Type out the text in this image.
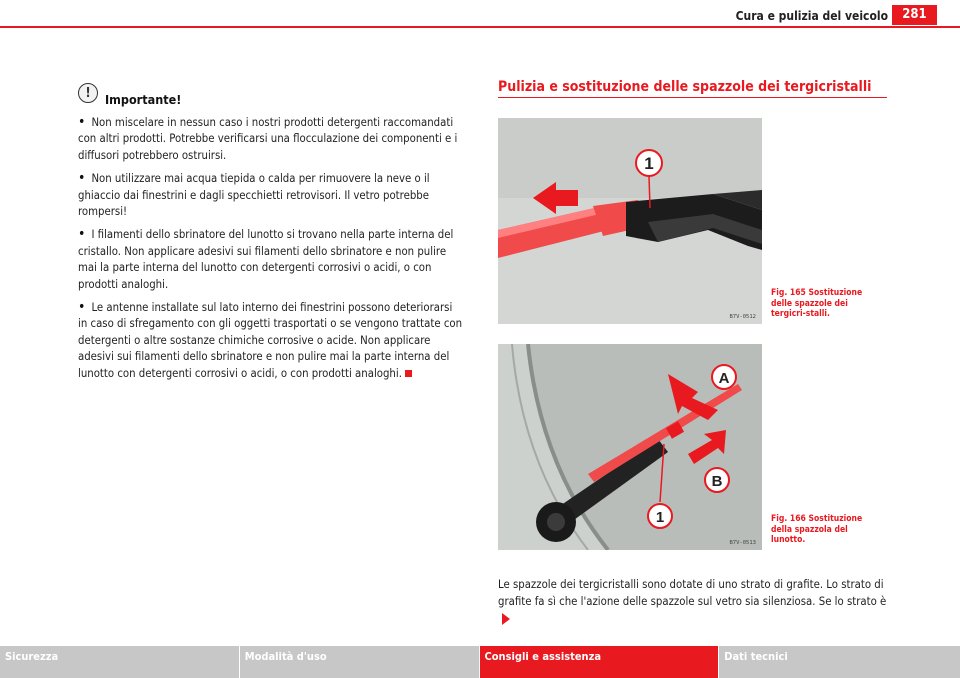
Cura e pulizia del veicolo	281
!	Importante!

• Non miscelare in nessun caso i nostri prodotti detergenti raccomandati con altri prodotti. Potrebbe verificarsi una flocculazione dei componenti e i diffusori potrebbero ostruirsi.

• Non utilizzare mai acqua tiepida o calda per rimuovere la neve o il ghiaccio dai finestrini e dagli specchietti retrovisori. Il vetro potrebbe rompersi!

• I filamenti dello sbrinatore del lunotto si trovano nella parte interna del cristallo. Non applicare adesivi sui filamenti dello sbrinatore e non pulire mai la parte interna del lunotto con detergenti corrosivi o acidi, o con prodotti analoghi.

• Le antenne installate sul lato interno dei finestrini possono deteriorarsi in caso di sfregamento con gli oggetti trasportati o se vengono trattate con detergenti o altre sostanze chimiche corrosive o acide. Non applicare adesivi sui filamenti dello sbrinatore e non pulire mai la parte interna del lunotto con detergenti corrosivi o acidi, o con prodotti analoghi.

Pulizia e sostituzione delle spazzole dei tergicristalli
1
B7V-0512
Fig. 165 Sostituzione delle spazzole dei tergicri-stalli.
A
B
1
B7V-0513
Fig. 166 Sostituzione della spazzola del lunotto.
Le spazzole dei tergicristalli sono dotate di uno strato di grafite. Lo strato di grafite fa sì che l'azione delle spazzole sul vetro sia silenziosa. Se lo strato è
Sicurezza	Modalità d'uso	Consigli e assistenza	Dati tecnici
